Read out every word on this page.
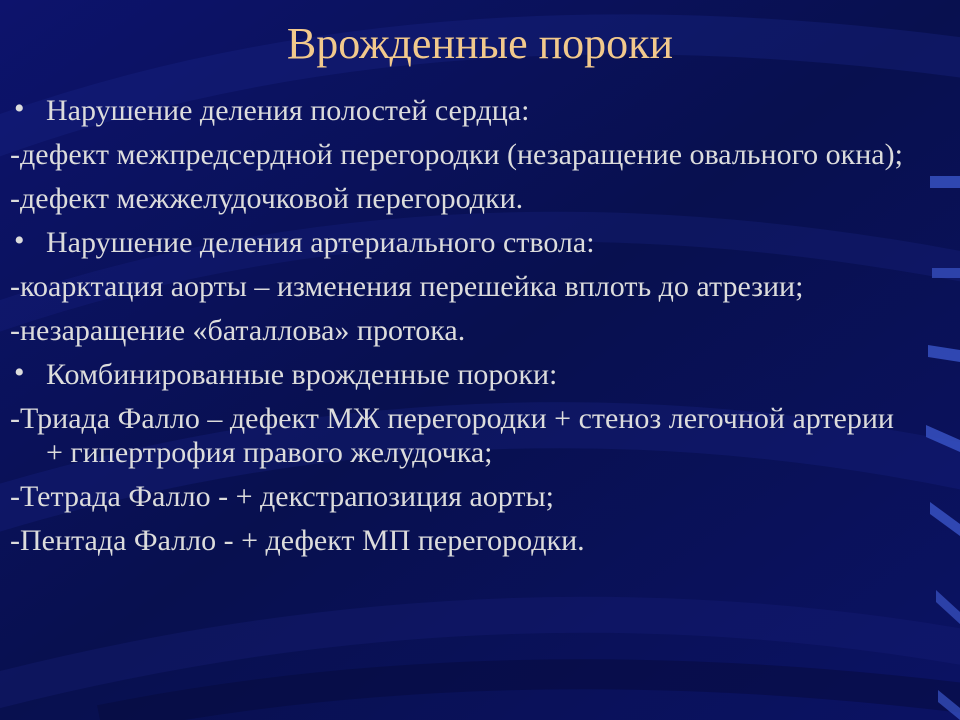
Врожденные пороки
• Нарушение деления полостей сердца:
-дефект межпредсердной перегородки (незаращение овального окна);
-дефект межжелудочковой перегородки.
• Нарушение деления артериального ствола:
-коарктация аорты – изменения перешейка вплоть до атрезии;
-незаращение «баталлова» протока.
• Комбинированные врожденные пороки:
-Триада Фалло – дефект МЖ перегородки + стеноз легочной артерии + гипертрофия правого желудочка;
-Тетрада Фалло - + декстрапозиция аорты;
-Пентада Фалло - + дефект МП перегородки.
